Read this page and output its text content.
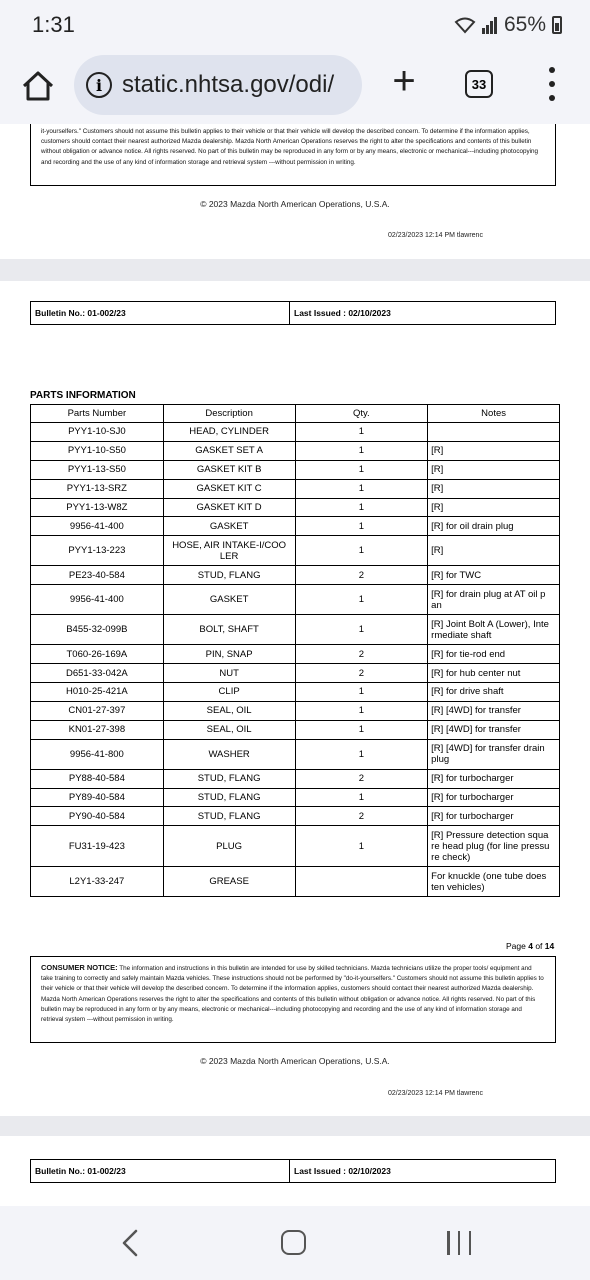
1:31	65%
i static.nhtsa.gov/odi/ +	33
it-yourselfers." Customers should not assume this bulletin applies to their vehicle or that their vehicle will develop the described concern. To determine if the information applies, customers should contact their nearest authorized Mazda dealership. Mazda North American Operations reserves the right to alter the specifications and contents of this bulletin without obligation or advance notice. All rights reserved. No part of this bulletin may be reproduced in any form or by any means, electronic or mechanical---including photocopying and recording and the use of any kind of information storage and retrieval system ---without permission in writing.
© 2023 Mazda North American Operations, U.S.A.
02/23/2023 12:14 PM tlawrenc
Bulletin No.: 01-002/23	Last Issued : 02/10/2023
PARTS INFORMATION
Parts Number	Description	Qty.	Notes
PYY1-10-SJ0	HEAD, CYLINDER	1	
PYY1-10-S50	GASKET SET A	1	[R]
PYY1-13-S50	GASKET KIT B	1	[R]
PYY1-13-SRZ	GASKET KIT C	1	[R]
PYY1-13-W8Z	GASKET KIT D	1	[R]
9956-41-400	GASKET	1	[R] for oil drain plug
PYY1-13-223	HOSE, AIR INTAKE-I/COO LER	1	[R]
PE23-40-584	STUD, FLANG	2	[R] for TWC
9956-41-400	GASKET	1	[R] for drain plug at AT oil p an
B455-32-099B	BOLT, SHAFT	1	[R] Joint Bolt A (Lower), Inte rmediate shaft
T060-26-169A	PIN, SNAP	2	[R] for tie-rod end
D651-33-042A	NUT	2	[R] for hub center nut
H010-25-421A	CLIP	1	[R] for drive shaft
CN01-27-397	SEAL, OIL	1	[R] [4WD] for transfer
KN01-27-398	SEAL, OIL	1	[R] [4WD] for transfer
9956-41-800	WASHER	1	[R] [4WD] for transfer drain plug
PY88-40-584	STUD, FLANG	2	[R] for turbocharger
PY89-40-584	STUD, FLANG	1	[R] for turbocharger
PY90-40-584	STUD, FLANG	2	[R] for turbocharger
FU31-19-423	PLUG	1	[R] Pressure detection squa re head plug (for line pressu re check)
L2Y1-33-247	GREASE		For knuckle (one tube does ten vehicles)
Page 4 of 14
CONSUMER NOTICE: The information and instructions in this bulletin are intended for use by skilled technicians. Mazda technicians utilize the proper tools/ equipment and take training to correctly and safely maintain Mazda vehicles. These instructions should not be performed by "do-it-yourselfers." Customers should not assume this bulletin applies to their vehicle or that their vehicle will develop the described concern. To determine if the information applies, customers should contact their nearest authorized Mazda dealership. Mazda North American Operations reserves the right to alter the specifications and contents of this bulletin without obligation or advance notice. All rights reserved. No part of this bulletin may be reproduced in any form or by any means, electronic or mechanical---including photocopying and recording and the use of any kind of information storage and retrieval system ---without permission in writing.
© 2023 Mazda North American Operations, U.S.A.
02/23/2023 12:14 PM tlawrenc
Bulletin No.: 01-002/23	Last Issued : 02/10/2023
